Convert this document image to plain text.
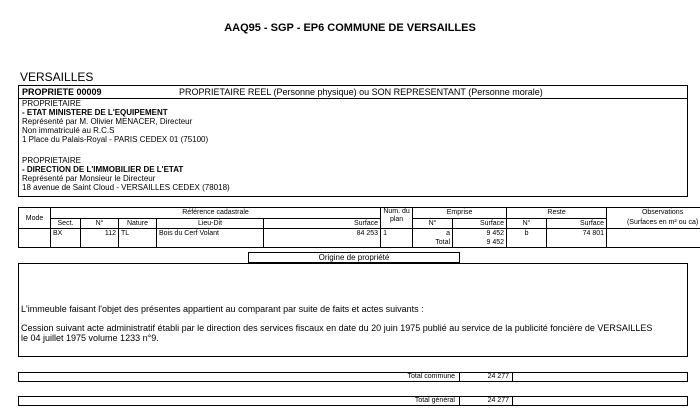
AAQ95 - SGP - EP6 COMMUNE DE VERSAILLES
VERSAILLES
PROPRIETE 00009	PROPRIETAIRE REEL (Personne physique) ou SON REPRESENTANT (Personne morale)
PROPRIETAIRE
- ETAT MINISTERE DE L'EQUIPEMENT
Représenté par M. Olivier MENACER, Directeur
Non immatriculé au R.C.S
1 Place du Palais-Royal - PARIS CEDEX 01 (75100)
PROPRIETAIRE
- DIRECTION DE L'IMMOBILIER DE L'ETAT
Représenté par Monsieur le Directeur
18 avenue de Saint Cloud - VERSAILLES CEDEX (78018)
Mode	Référence cadastrale					Num. du plan	Emprise		Reste		Observations
(Surfaces en m² ou ca)

	Sect.	N°	Nature	Lieu-Dit	Surface		N°	Surface	N°	Surface	
	BX	112	TL	Bois du Cerf Volant	84 253	1	a	9 452	b	74 801	
							Total	9 452			
Origine de propriété
L'immeuble faisant l'objet des présentes appartient au comparant par suite de faits et actes suivants :
Cession suivant acte administratif établi par le direction des services fiscaux en date du 20 juin 1975 publié au service de la publicité foncière de VERSAILLES
le 04 juillet 1975 volume 1233 n°9.
Total commune	24 277
Total général	24 277
